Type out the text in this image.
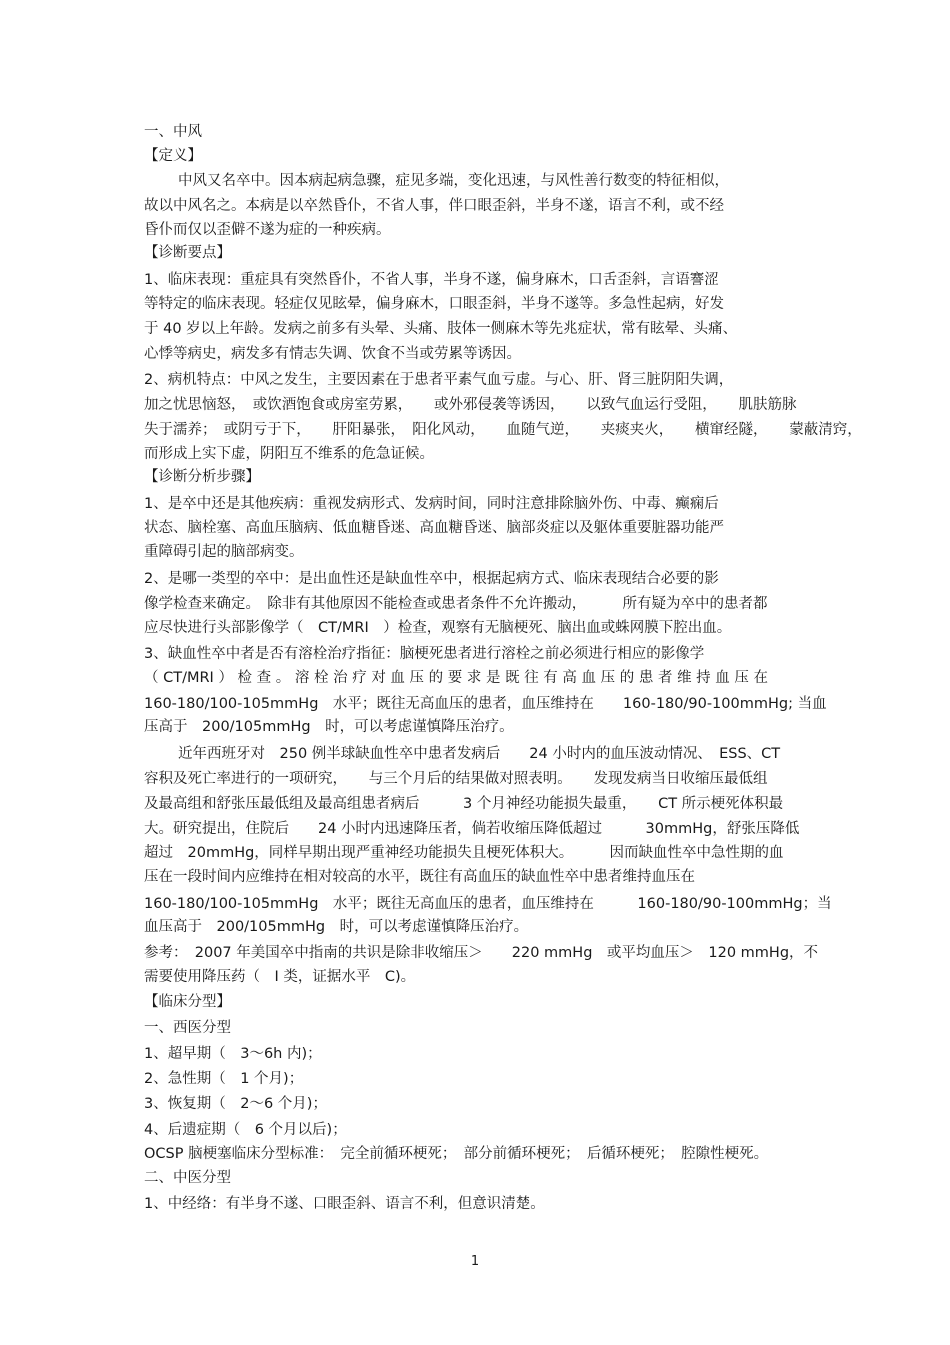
一、中风
【定义】
中风又名卒中。因本病起病急骤，症见多端，变化迅速，与风性善行数变的特征相似，
故以中风名之。本病是以卒然昏仆，不省人事，伴口眼歪斜，半身不遂，语言不利，或不经
昏仆而仅以歪僻不遂为症的一种疾病。
【诊断要点】
1、临床表现：重症具有突然昏仆，不省人事，半身不遂，偏身麻木，口舌歪斜，言语謇涩
等特定的临床表现。轻症仅见眩晕，偏身麻木，口眼歪斜，半身不遂等。多急性起病，好发
于 40 岁以上年龄。发病之前多有头晕、头痛、肢体一侧麻木等先兆症状，常有眩晕、头痛、
心悸等病史，病发多有情志失调、饮食不当或劳累等诱因。
2、病机特点：中风之发生，主要因素在于患者平素气血亏虚。与心、肝、肾三脏阴阳失调，
加之忧思恼怒，　或饮酒饱食或房室劳累，　　或外邪侵袭等诱因，　　以致气血运行受阻，　　肌肤筋脉
失于濡养；　或阴亏于下，　　肝阳暴张，　阳化风动，　　血随气逆，　　夹痰夹火，　　横窜经隧，　　蒙蔽清窍，
而形成上实下虚，阴阳互不维系的危急证候。
【诊断分析步骤】
1、是卒中还是其他疾病：重视发病形式、发病时间，同时注意排除脑外伤、中毒、癫痫后
状态、脑栓塞、高血压脑病、低血糖昏迷、高血糖昏迷、脑部炎症以及躯体重要脏器功能严
重障碍引起的脑部病变。
2、是哪一类型的卒中：是出血性还是缺血性卒中，根据起病方式、临床表现结合必要的影
像学检查来确定。　除非有其他原因不能检查或患者条件不允许搬动，　　　所有疑为卒中的患者都
应尽快进行头部影像学（　CT/MRI　）检查，观察有无脑梗死、脑出血或蛛网膜下腔出血。
3、缺血性卒中者是否有溶栓治疗指征：脑梗死患者进行溶栓之前必须进行相应的影像学
（ CT/MRI ） 检 查 。 溶 栓 治 疗 对 血 压 的 要 求 是 既 往 有 高 血 压 的 患 者 维 持 血 压 在
160-180/100-105mmHg　水平；既往无高血压的患者，血压维持在　　160-180/90-100mmHg; 当血
压高于　200/105mmHg　时，可以考虑谨慎降压治疗。
近年西班牙对　250 例半球缺血性卒中患者发病后　　24 小时内的血压波动情况、　ESS、CT
容积及死亡率进行的一项研究，　　与三个月后的结果做对照表明。　　发现发病当日收缩压最低组
及最高组和舒张压最低组及最高组患者病后　　　3 个月神经功能损失最重，　　CT 所示梗死体积最
大。研究提出，住院后　　24 小时内迅速降压者，倘若收缩压降低超过　　　30mmHg，舒张压降低
超过　20mmHg，同样早期出现严重神经功能损失且梗死体积大。　　　因而缺血性卒中急性期的血
压在一段时间内应维持在相对较高的水平，既往有高血压的缺血性卒中患者维持血压在
160-180/100-105mmHg　水平；既往无高血压的患者，血压维持在　　　160-180/90-100mmHg；当
血压高于　200/105mmHg　时，可以考虑谨慎降压治疗。
参考：　2007 年美国卒中指南的共识是除非收缩压＞　　220 mmHg　或平均血压＞　120 mmHg，不
需要使用降压药（　Ⅰ 类，证据水平　C)。
【临床分型】
一、西医分型
1、超早期（　3～6h 内)；
2、急性期（　1 个月)；
3、恢复期（　2～6 个月)；
4、后遗症期（　6 个月以后)；
OCSP 脑梗塞临床分型标准：　完全前循环梗死；　部分前循环梗死；　后循环梗死；　腔隙性梗死。
二、中医分型
1、中经络：有半身不遂、口眼歪斜、语言不利，但意识清楚。
1
